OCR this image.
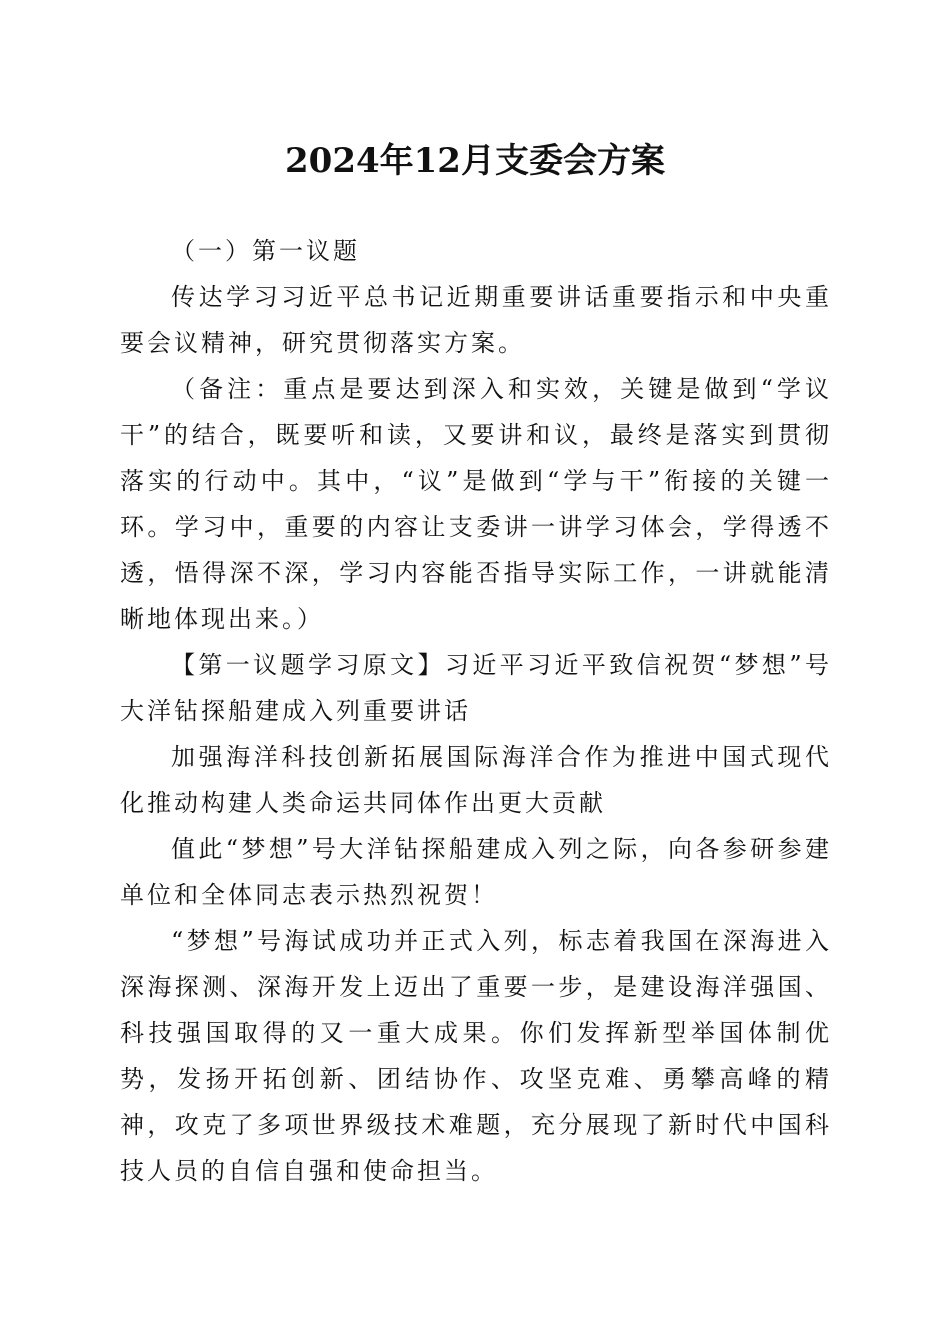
2024年12月支委会方案

（一）第一议题

传达学习习近平总书记近期重要讲话重要指示和中央重要会议精神，研究贯彻落实方案。

（备注：重点是要达到深入和实效，关键是做到“学议干”的结合，既要听和读，又要讲和议，最终是落实到贯彻落实的行动中。其中，“议”是做到“学与干”衔接的关键一环。学习中，重要的内容让支委讲一讲学习体会，学得透不透，悟得深不深，学习内容能否指导实际工作，一讲就能清晰地体现出来。）

【第一议题学习原文】习近平习近平致信祝贺“梦想”号大洋钻探船建成入列重要讲话

加强海洋科技创新拓展国际海洋合作为推进中国式现代化推动构建人类命运共同体作出更大贡献

值此“梦想”号大洋钻探船建成入列之际，向各参研参建单位和全体同志表示热烈祝贺！

“梦想”号海试成功并正式入列，标志着我国在深海进入深海探测、深海开发上迈出了重要一步，是建设海洋强国、科技强国取得的又一重大成果。你们发挥新型举国体制优势，发扬开拓创新、团结协作、攻坚克难、勇攀高峰的精神，攻克了多项世界级技术难题，充分展现了新时代中国科技人员的自信自强和使命担当。
